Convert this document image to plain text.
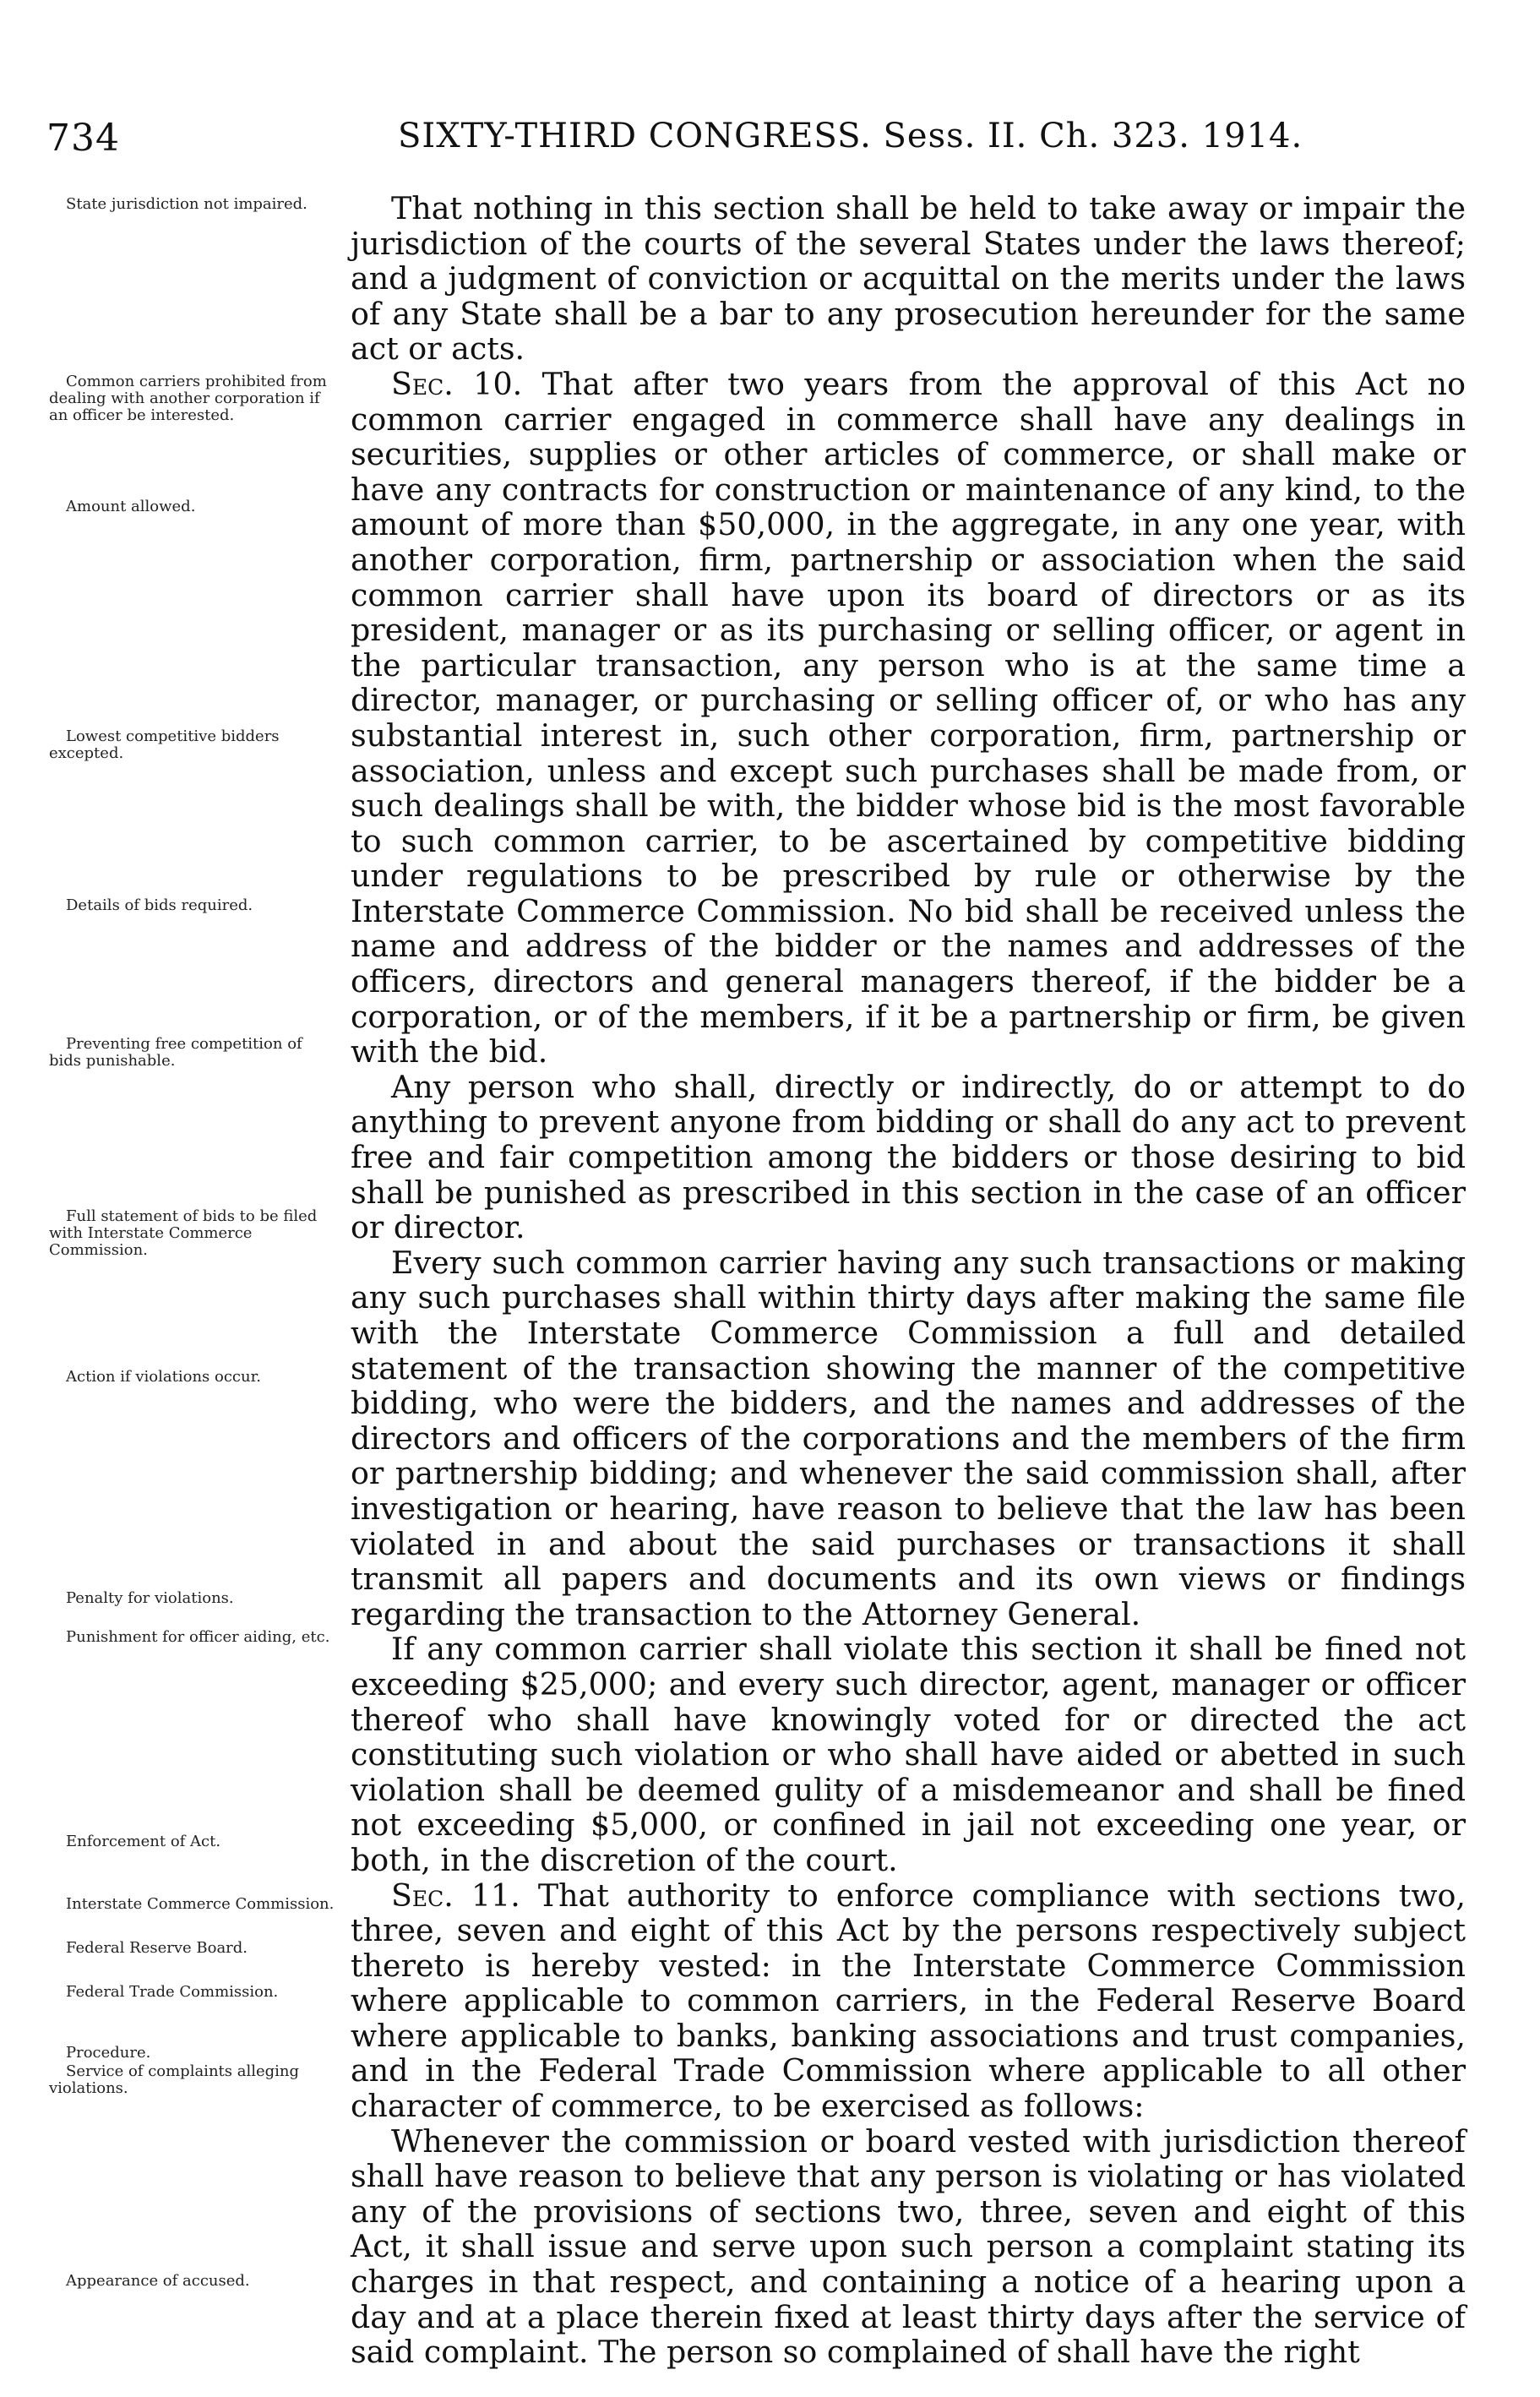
734	SIXTY-THIRD CONGRESS. Sess. II. Ch. 323. 1914.
State jurisdiction not impaired.
Common carriers prohibited from dealing with another corporation if an officer be interested.
Amount allowed.
Lowest competitive bidders excepted.
Details of bids required.
Preventing free competition of bids punishable.
Full statement of bids to be filed with Interstate Commerce Commission.
Action if violations occur.
Penalty for violations.
Punishment for officer aiding, etc.
Enforcement of Act.
Interstate Commerce Commission.
Federal Reserve Board.
Federal Trade Commission.
Procedure.
Service of complaints alleging violations.
Appearance of accused.

That nothing in this section shall be held to take away or impair the jurisdiction of the courts of the several States under the laws thereof; and a judgment of conviction or acquittal on the merits under the laws of any State shall be a bar to any prosecution hereunder for the same act or acts.

Sec. 10. That after two years from the approval of this Act no common carrier engaged in commerce shall have any dealings in securities, supplies or other articles of commerce, or shall make or have any contracts for construction or maintenance of any kind, to the amount of more than $50,000, in the aggregate, in any one year, with another corporation, firm, partnership or association when the said common carrier shall have upon its board of directors or as its president, manager or as its purchasing or selling officer, or agent in the particular transaction, any person who is at the same time a director, manager, or purchasing or selling officer of, or who has any substantial interest in, such other corporation, firm, partnership or association, unless and except such purchases shall be made from, or such dealings shall be with, the bidder whose bid is the most favorable to such common carrier, to be ascertained by competitive bidding under regulations to be prescribed by rule or otherwise by the Interstate Commerce Commission. No bid shall be received unless the name and address of the bidder or the names and addresses of the officers, directors and general managers thereof, if the bidder be a corporation, or of the members, if it be a partnership or firm, be given with the bid.

Any person who shall, directly or indirectly, do or attempt to do anything to prevent anyone from bidding or shall do any act to prevent free and fair competition among the bidders or those desiring to bid shall be punished as prescribed in this section in the case of an officer or director.

Every such common carrier having any such transactions or making any such purchases shall within thirty days after making the same file with the Interstate Commerce Commission a full and detailed statement of the transaction showing the manner of the competitive bidding, who were the bidders, and the names and addresses of the directors and officers of the corporations and the members of the firm or partnership bidding; and whenever the said commission shall, after investigation or hearing, have reason to believe that the law has been violated in and about the said purchases or transactions it shall transmit all papers and documents and its own views or findings regarding the transaction to the Attorney General.

If any common carrier shall violate this section it shall be fined not exceeding $25,000; and every such director, agent, manager or officer thereof who shall have knowingly voted for or directed the act constituting such violation or who shall have aided or abetted in such violation shall be deemed gulity of a misdemeanor and shall be fined not exceeding $5,000, or confined in jail not exceeding one year, or both, in the discretion of the court.

Sec. 11. That authority to enforce compliance with sections two, three, seven and eight of this Act by the persons respectively subject thereto is hereby vested: in the Interstate Commerce Commission where applicable to common carriers, in the Federal Reserve Board where applicable to banks, banking associations and trust companies, and in the Federal Trade Commission where applicable to all other character of commerce, to be exercised as follows:

Whenever the commission or board vested with jurisdiction thereof shall have reason to believe that any person is violating or has violated any of the provisions of sections two, three, seven and eight of this Act, it shall issue and serve upon such person a complaint stating its charges in that respect, and containing a notice of a hearing upon a day and at a place therein fixed at least thirty days after the service of said complaint. The person so complained of shall have the right
